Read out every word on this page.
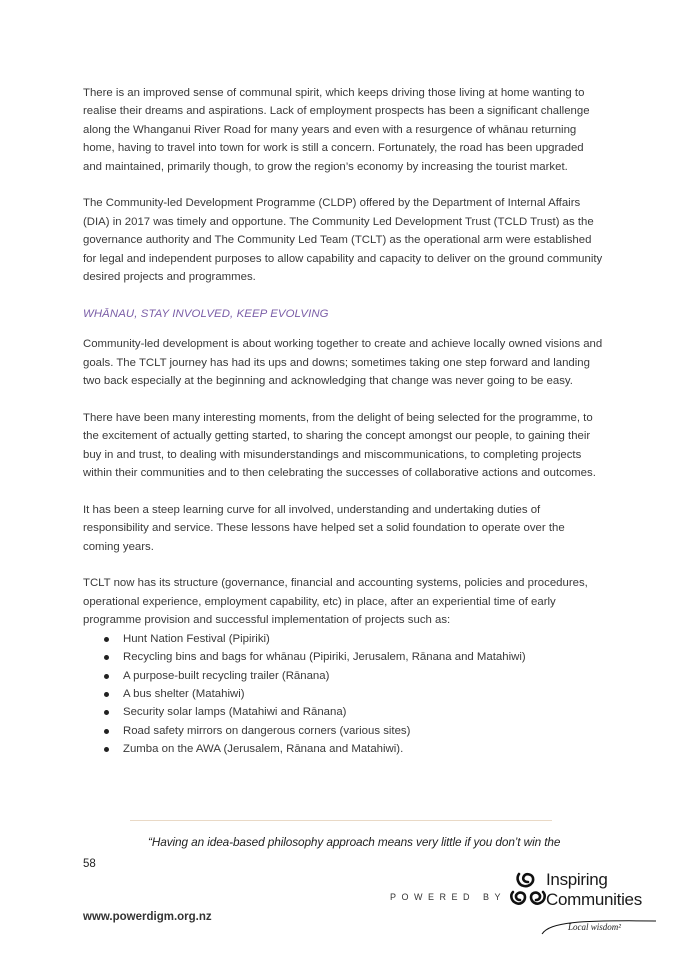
There is an improved sense of communal spirit, which keeps driving those living at home wanting to realise their dreams and aspirations. Lack of employment prospects has been a significant challenge along the Whanganui River Road for many years and even with a resurgence of whānau returning home, having to travel into town for work is still a concern. Fortunately, the road has been upgraded and maintained, primarily though, to grow the region’s economy by increasing the tourist market.

The Community-led Development Programme (CLDP) offered by the Department of Internal Affairs (DIA) in 2017 was timely and opportune. The Community Led Development Trust (TCLD Trust) as the governance authority and The Community Led Team (TCLT) as the operational arm were established for legal and independent purposes to allow capability and capacity to deliver on the ground community desired projects and programmes.

WHĀNAU, STAY INVOLVED, KEEP EVOLVING

Community-led development is about working together to create and achieve locally owned visions and goals. The TCLT journey has had its ups and downs; sometimes taking one step forward and landing two back especially at the beginning and acknowledging that change was never going to be easy.

There have been many interesting moments, from the delight of being selected for the programme, to the excitement of actually getting started, to sharing the concept amongst our people, to gaining their buy in and trust, to dealing with misunderstandings and miscommunications, to completing projects within their communities and to then celebrating the successes of collaborative actions and outcomes.

It has been a steep learning curve for all involved, understanding and undertaking duties of responsibility and service. These lessons have helped set a solid foundation to operate over the coming years.

TCLT now has its structure (governance, financial and accounting systems, policies and procedures, operational experience, employment capability, etc) in place, after an experiential time of early programme provision and successful implementation of projects such as:

Hunt Nation Festival (Pipiriki)
Recycling bins and bags for whānau (Pipiriki, Jerusalem, Rānana and Matahiwi)
A purpose-built recycling trailer (Rānana)
A bus shelter (Matahiwi)
Security solar lamps (Matahiwi and Rānana)
Road safety mirrors on dangerous corners (various sites)
Zumba on the AWA (Jerusalem, Rānana and Matahiwi).
“Having an idea-based philosophy approach means very little if you don’t win the
58
POWERED BY
www.powerdigm.org.nz
Inspiring
Communities
Local wisdom²
